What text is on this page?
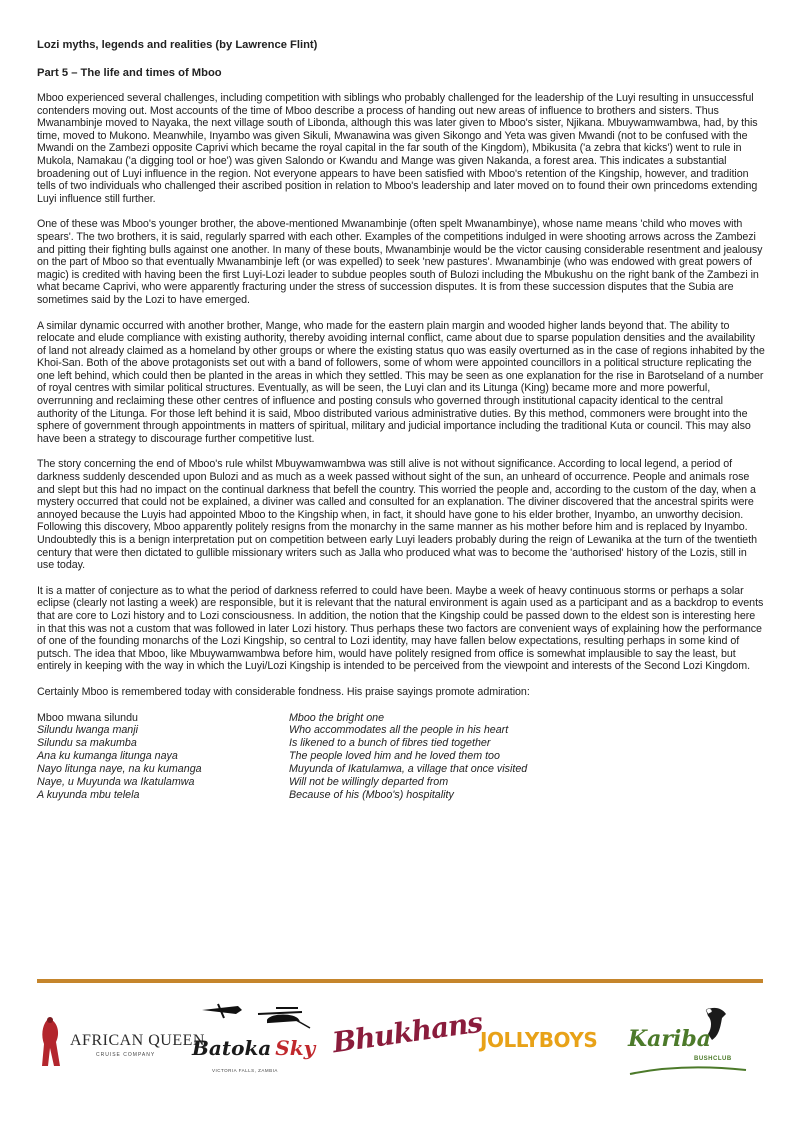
Lozi myths, legends and realities (by Lawrence Flint)

Part 5 – The life and times of Mboo

Mboo experienced several challenges, including competition with siblings who probably challenged for the leadership of the Luyi resulting in unsuccessful contenders moving out. Most accounts of the time of Mboo describe a process of handing out new areas of influence to brothers and sisters. Thus Mwanambinje moved to Nayaka, the next village south of Libonda, although this was later given to Mboo's sister, Njikana. Mbuywamwambwa, had, by this time, moved to Mukono. Meanwhile, Inyambo was given Sikuli, Mwanawina was given Sikongo and Yeta was given Mwandi (not to be confused with the Mwandi on the Zambezi opposite Caprivi which became the royal capital in the far south of the Kingdom), Mbikusita ('a zebra that kicks') went to rule in Mukola, Namakau ('a digging tool or hoe') was given Salondo or Kwandu and Mange was given Nakanda, a forest area. This indicates a substantial broadening out of Luyi influence in the region. Not everyone appears to have been satisfied with Mboo's retention of the Kingship, however, and tradition tells of two individuals who challenged their ascribed position in relation to Mboo's leadership and later moved on to found their own princedoms extending Luyi influence still further.

One of these was Mboo's younger brother, the above-mentioned Mwanambinje (often spelt Mwanambinye), whose name means 'child who moves with spears'. The two brothers, it is said, regularly sparred with each other. Examples of the competitions indulged in were shooting arrows across the Zambezi and pitting their fighting bulls against one another. In many of these bouts, Mwanambinje would be the victor causing considerable resentment and jealousy on the part of Mboo so that eventually Mwanambinje left (or was expelled) to seek 'new pastures'. Mwanambinje (who was endowed with great powers of magic) is credited with having been the first Luyi-Lozi leader to subdue peoples south of Bulozi including the Mbukushu on the right bank of the Zambezi in what became Caprivi, who were apparently fracturing under the stress of succession disputes. It is from these succession disputes that the Subia are sometimes said by the Lozi to have emerged.

A similar dynamic occurred with another brother, Mange, who made for the eastern plain margin and wooded higher lands beyond that. The ability to relocate and elude compliance with existing authority, thereby avoiding internal conflict, came about due to sparse population densities and the availability of land not already claimed as a homeland by other groups or where the existing status quo was easily overturned as in the case of regions inhabited by the Khoi-San. Both of the above protagonists set out with a band of followers, some of whom were appointed councillors in a political structure replicating the one left behind, which could then be planted in the areas in which they settled. This may be seen as one explanation for the rise in Barotseland of a number of royal centres with similar political structures. Eventually, as will be seen, the Luyi clan and its Litunga (King) became more and more powerful, overrunning and reclaiming these other centres of influence and posting consuls who governed through institutional capacity identical to the central authority of the Litunga. For those left behind it is said, Mboo distributed various administrative duties. By this method, commoners were brought into the sphere of government through appointments in matters of spiritual, military and judicial importance including the traditional Kuta or council. This may also have been a strategy to discourage further competitive lust.

The story concerning the end of Mboo's rule whilst Mbuywamwambwa was still alive is not without significance. According to local legend, a period of darkness suddenly descended upon Bulozi and as much as a week passed without sight of the sun, an unheard of occurrence. People and animals rose and slept but this had no impact on the continual darkness that befell the country. This worried the people and, according to the custom of the day, when a mystery occurred that could not be explained, a diviner was called and consulted for an explanation. The diviner discovered that the ancestral spirits were annoyed because the Luyis had appointed Mboo to the Kingship when, in fact, it should have gone to his elder brother, Inyambo, an unworthy decision. Following this discovery, Mboo apparently politely resigns from the monarchy in the same manner as his mother before him and is replaced by Inyambo. Undoubtedly this is a benign interpretation put on competition between early Luyi leaders probably during the reign of Lewanika at the turn of the twentieth century that were then dictated to gullible missionary writers such as Jalla who produced what was to become the 'authorised' history of the Lozis, still in use today.

It is a matter of conjecture as to what the period of darkness referred to could have been. Maybe a week of heavy continuous storms or perhaps a solar eclipse (clearly not lasting a week) are responsible, but it is relevant that the natural environment is again used as a participant and as a backdrop to events that are core to Lozi history and to Lozi consciousness. In addition, the notion that the Kingship could be passed down to the eldest son is interesting here in that this was not a custom that was followed in later Lozi history. Thus perhaps these two factors are convenient ways of explaining how the performance of one of the founding monarchs of the Lozi Kingship, so central to Lozi identity, may have fallen below expectations, resulting perhaps in some kind of putsch. The idea that Mboo, like Mbuywamwambwa before him, would have politely resigned from office is somewhat implausible to say the least, but entirely in keeping with the way in which the Luyi/Lozi Kingship is intended to be perceived from the viewpoint and interests of the Second Lozi Kingdom.

Certainly Mboo is remembered today with considerable fondness. His praise sayings promote admiration:

Mboo mwana silundu
Silundu lwanga manji
Silundu sa makumba
Ana ku kumanga litunga naya
Nayo litunga naye, na ku kumanga
Naye, u Muyunda wa Ikatulamwa
A kuyunda mbu telela
Mboo the bright one
Who accommodates all the people in his heart
Is likened to a bunch of fibres tied together
The people loved him and he loved them too
Muyunda of Ikatulamwa, a village that once visited
Will not be willingly departed from
Because of his (Mboo's) hospitality
AFRICAN QUEEN
CRUISE COMPANY Batoka Sky
VICTORIA FALLS, ZAMBIA
Bhukhans
JOLLYBOYS	Kariba
BUSHCLUB
